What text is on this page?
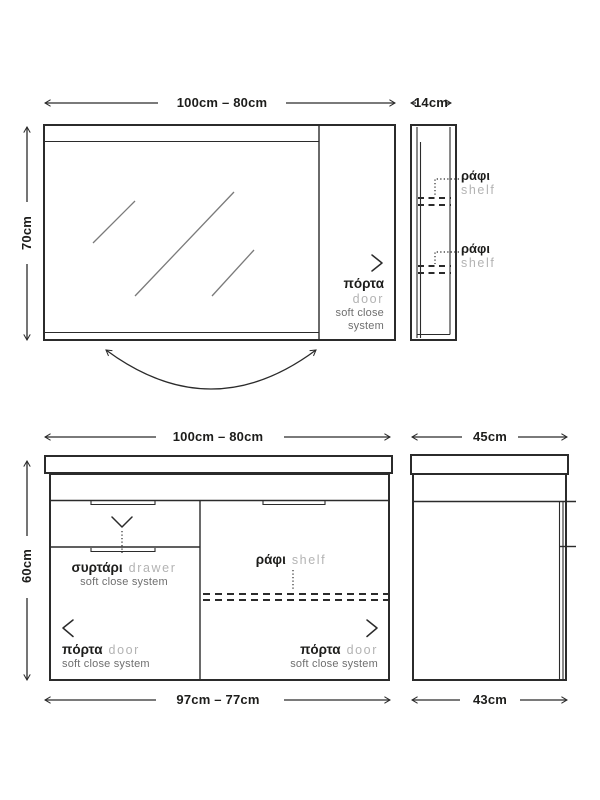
100cm – 80cm
70cm
14cm
100cm – 80cm	45cm
60cm
97cm – 77cm	43cm
πόρτα
door
soft close
system
ράφι
shelf
ράφι
shelf
συρτάρι drawer
soft close system
ράφι shelf
πόρτα door
soft close system
πόρτα door
soft close system
